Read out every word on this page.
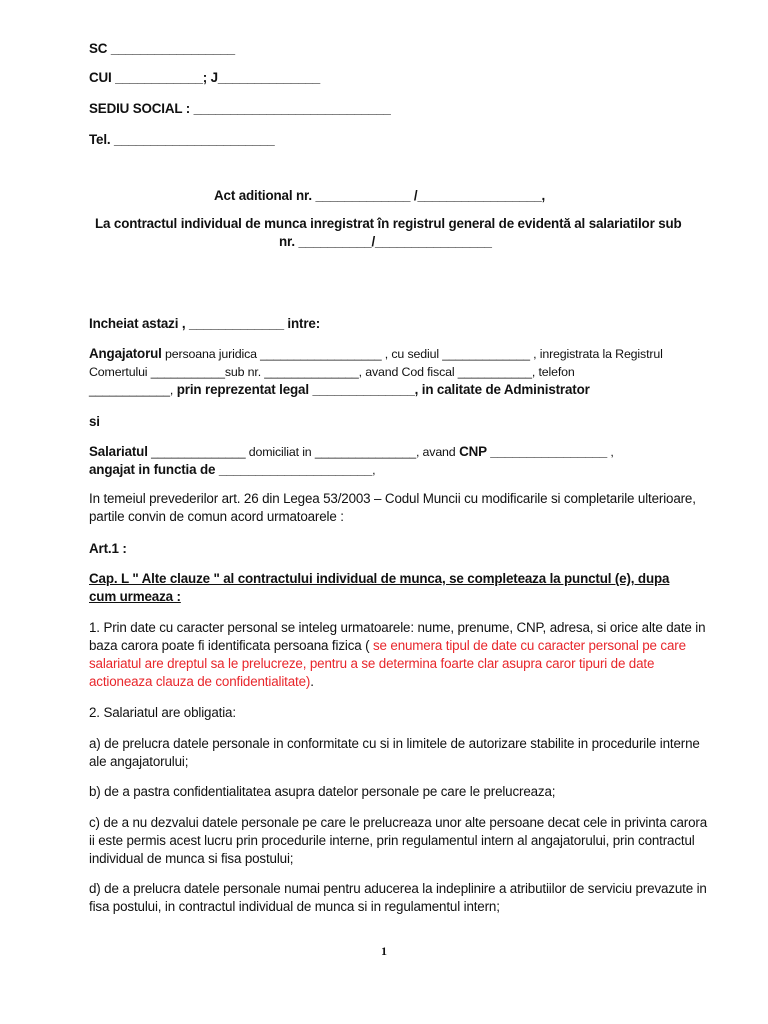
SC _________________
CUI ____________; J______________
SEDIU SOCIAL : ___________________________
Tel. ______________________
Act aditional nr. _____________ /_________________,
La contractul individual de munca inregistrat în registrul general de evidentă al salariatilor sub
nr. __________/________________
Incheiat astazi , _____________ intre:
Angajatorul persoana juridica __________________ , cu sediul _____________ , inregistrata la Registrul
Comertului ___________sub nr. ______________, avand Cod fiscal ___________, telefon
____________, prin reprezentat legal ______________, in calitate de Administrator
si
Salariatul ______________ domiciliat in _______________, avand CNP ________________ ,
angajat in functia de _____________________,
In temeiul prevederilor art. 26 din Legea 53/2003 – Codul Muncii cu modificarile si completarile ulterioare,
partile convin de comun acord urmatoarele :
Art.1 :
Cap. L " Alte clauze " al contractului individual de munca, se completeaza la punctul (e), dupa
cum urmeaza :
1. Prin date cu caracter personal se inteleg urmatoarele: nume, prenume, CNP, adresa, si orice alte date in
baza carora poate fi identificata persoana fizica ( se enumera tipul de date cu caracter personal pe care
salariatul are dreptul sa le prelucreze, pentru a se determina foarte clar asupra caror tipuri de date
actioneaza clauza de confidentialitate).
2. Salariatul are obligatia:
a) de prelucra datele personale in conformitate cu si in limitele de autorizare stabilite in procedurile interne
ale angajatorului;
b) de a pastra confidentialitatea asupra datelor personale pe care le prelucreaza;
c) de a nu dezvalui datele personale pe care le prelucreaza unor alte persoane decat cele in privinta carora
ii este permis acest lucru prin procedurile interne, prin regulamentul intern al angajatorului, prin contractul
individual de munca si fisa postului;
d) de a prelucra datele personale numai pentru aducerea la indeplinire a atributiilor de serviciu prevazute in
fisa postului, in contractul individual de munca si in regulamentul intern;
1
